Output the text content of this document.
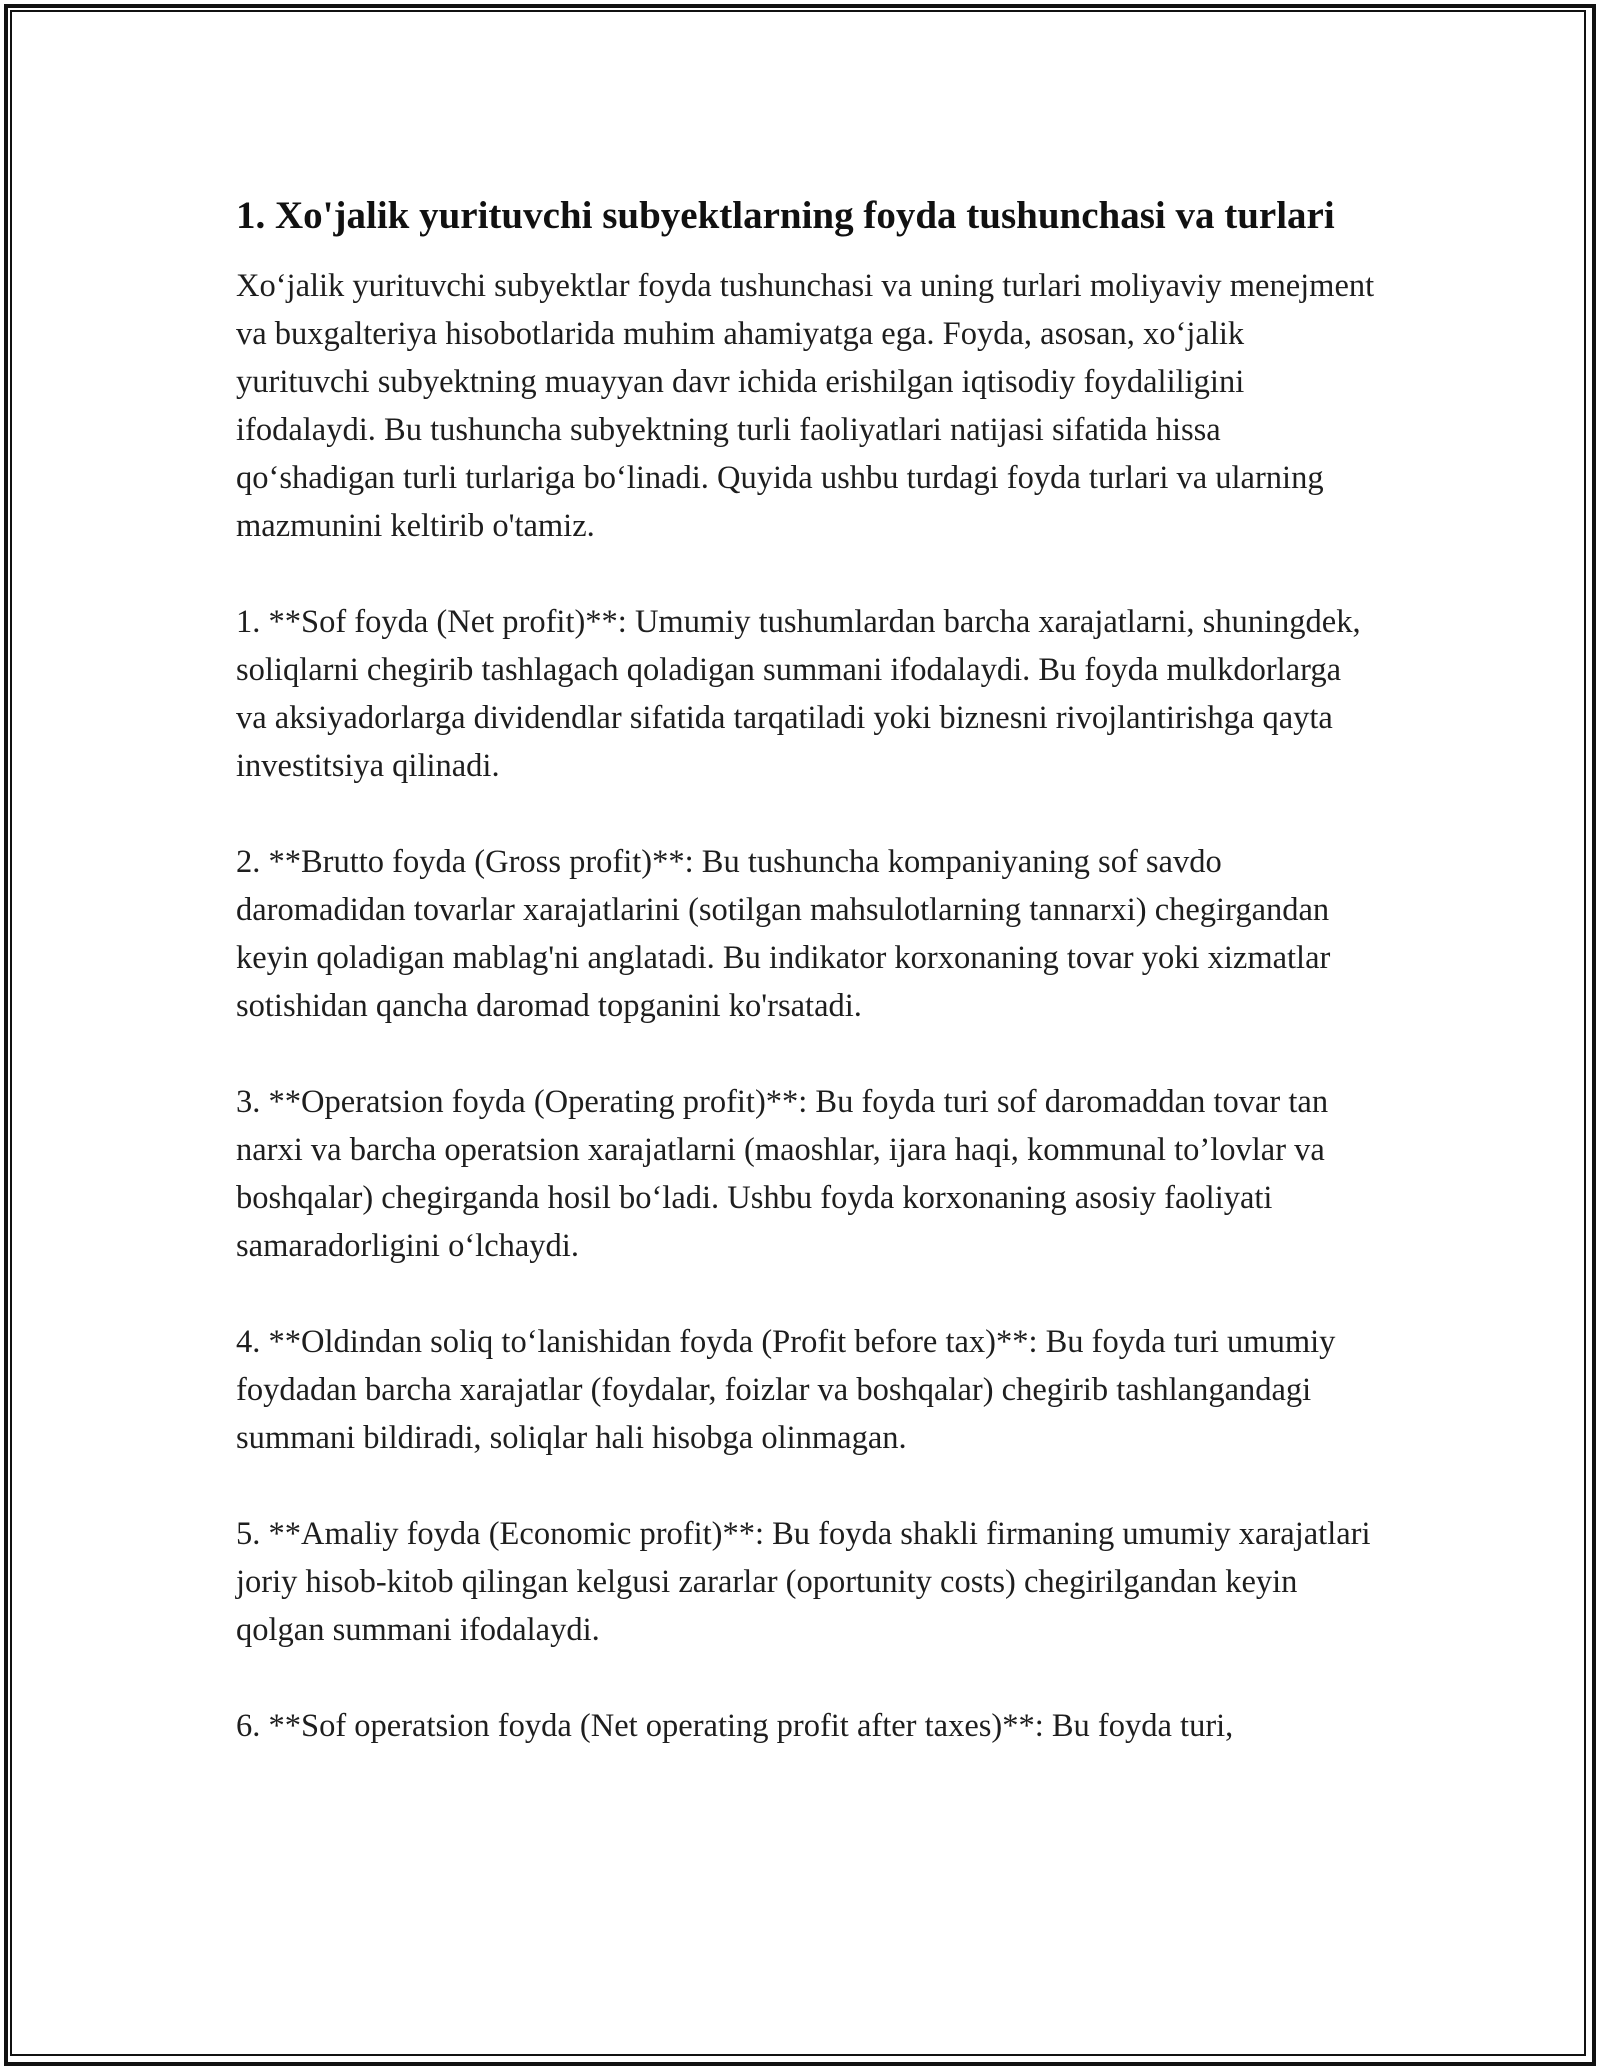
1. Xo'jalik yurituvchi subyektlarning foyda tushunchasi va turlari

Xo‘jalik yurituvchi subyektlar foyda tushunchasi va uning turlari moliyaviy menejment va buxgalteriya hisobotlarida muhim ahamiyatga ega. Foyda, asosan, xo‘jalik yurituvchi subyektning muayyan davr ichida erishilgan iqtisodiy foydaliligini ifodalaydi. Bu tushuncha subyektning turli faoliyatlari natijasi sifatida hissa qo‘shadigan turli turlariga bo‘linadi. Quyida ushbu turdagi foyda turlari va ularning mazmunini keltirib o'tamiz.

1. **Sof foyda (Net profit)**: Umumiy tushumlardan barcha xarajatlarni, shuningdek, soliqlarni chegirib tashlagach qoladigan summani ifodalaydi. Bu foyda mulkdorlarga va aksiyadorlarga dividendlar sifatida tarqatiladi yoki biznesni rivojlantirishga qayta investitsiya qilinadi.

2. **Brutto foyda (Gross profit)**: Bu tushuncha kompaniyaning sof savdo daromadidan tovarlar xarajatlarini (sotilgan mahsulotlarning tannarxi) chegirgandan keyin qoladigan mablag'ni anglatadi. Bu indikator korxonaning tovar yoki xizmatlar sotishidan qancha daromad topganini ko'rsatadi.

3. **Operatsion foyda (Operating profit)**: Bu foyda turi sof daromaddan tovar tan narxi va barcha operatsion xarajatlarni (maoshlar, ijara haqi, kommunal to’lovlar va boshqalar) chegirganda hosil bo‘ladi. Ushbu foyda korxonaning asosiy faoliyati samaradorligini o‘lchaydi.

4. **Oldindan soliq to‘lanishidan foyda (Profit before tax)**: Bu foyda turi umumiy foydadan barcha xarajatlar (foydalar, foizlar va boshqalar) chegirib tashlangandagi summani bildiradi, soliqlar hali hisobga olinmagan.

5. **Amaliy foyda (Economic profit)**: Bu foyda shakli firmaning umumiy xarajatlari joriy hisob-kitob qilingan kelgusi zararlar (oportunity costs) chegirilgandan keyin qolgan summani ifodalaydi.

6. **Sof operatsion foyda (Net operating profit after taxes)**: Bu foyda turi,
